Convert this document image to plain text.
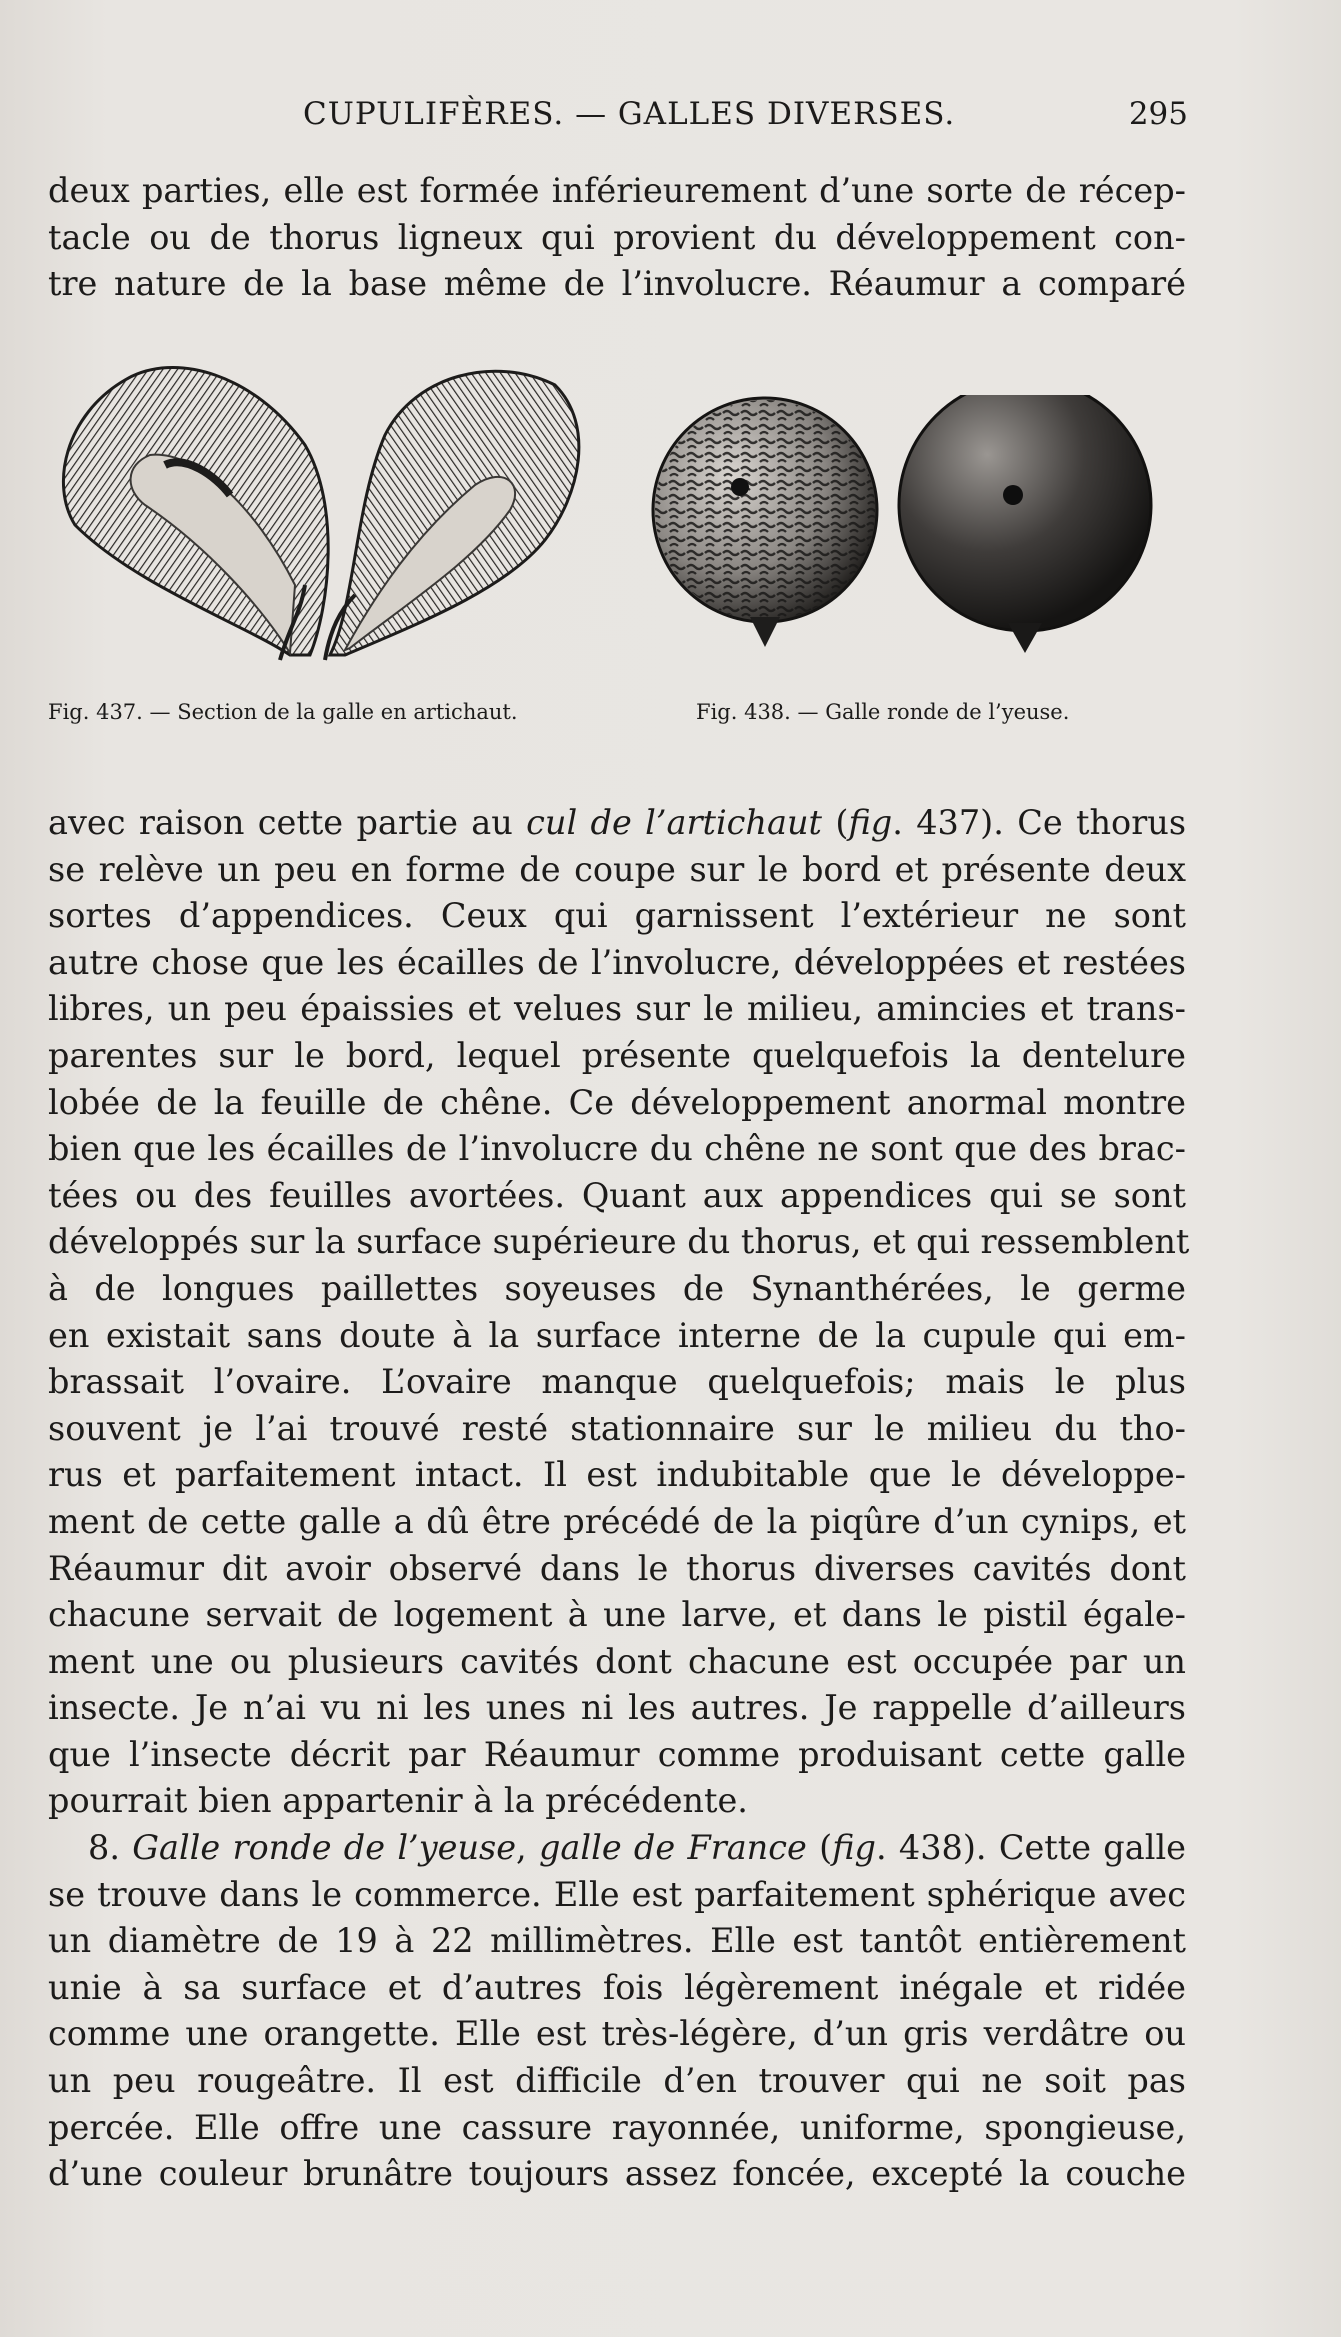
CUPULIFÈRES. — GALLES DIVERSES.	295
deux parties, elle est formée inférieurement d’une sorte de récep-
tacle ou de thorus ligneux qui provient du développement con-
tre nature de la base même de l’involucre. Réaumur a comparé
Fig. 437. — Section de la galle en artichaut.	Fig. 438. — Galle ronde de l’yeuse.
avec raison cette partie au cul de l’artichaut (fig. 437). Ce thorus
se relève un peu en forme de coupe sur le bord et présente deux
sortes d’appendices. Ceux qui garnissent l’extérieur ne sont
autre chose que les écailles de l’involucre, développées et restées
libres, un peu épaissies et velues sur le milieu, amincies et trans-
parentes sur le bord, lequel présente quelquefois la dentelure
lobée de la feuille de chêne. Ce développement anormal montre
bien que les écailles de l’involucre du chêne ne sont que des brac-
tées ou des feuilles avortées. Quant aux appendices qui se sont
développés sur la surface supérieure du thorus, et qui ressemblent
à de longues paillettes soyeuses de Synanthérées, le germe
en existait sans doute à la surface interne de la cupule qui em-
brassait l’ovaire. L’ovaire manque quelquefois; mais le plus
souvent je l’ai trouvé resté stationnaire sur le milieu du tho-
rus et parfaitement intact. Il est indubitable que le développe-
ment de cette galle a dû être précédé de la piqûre d’un cynips, et
Réaumur dit avoir observé dans le thorus diverses cavités dont
chacune servait de logement à une larve, et dans le pistil égale-
ment une ou plusieurs cavités dont chacune est occupée par un
insecte. Je n’ai vu ni les unes ni les autres. Je rappelle d’ailleurs
que l’insecte décrit par Réaumur comme produisant cette galle
pourrait bien appartenir à la précédente.
8. Galle ronde de l’yeuse, galle de France (fig. 438). Cette galle
se trouve dans le commerce. Elle est parfaitement sphérique avec
un diamètre de 19 à 22 millimètres. Elle est tantôt entièrement
unie à sa surface et d’autres fois légèrement inégale et ridée
comme une orangette. Elle est très-légère, d’un gris verdâtre ou
un peu rougeâtre. Il est difficile d’en trouver qui ne soit pas
percée. Elle offre une cassure rayonnée, uniforme, spongieuse,
d’une couleur brunâtre toujours assez foncée, excepté la couche
